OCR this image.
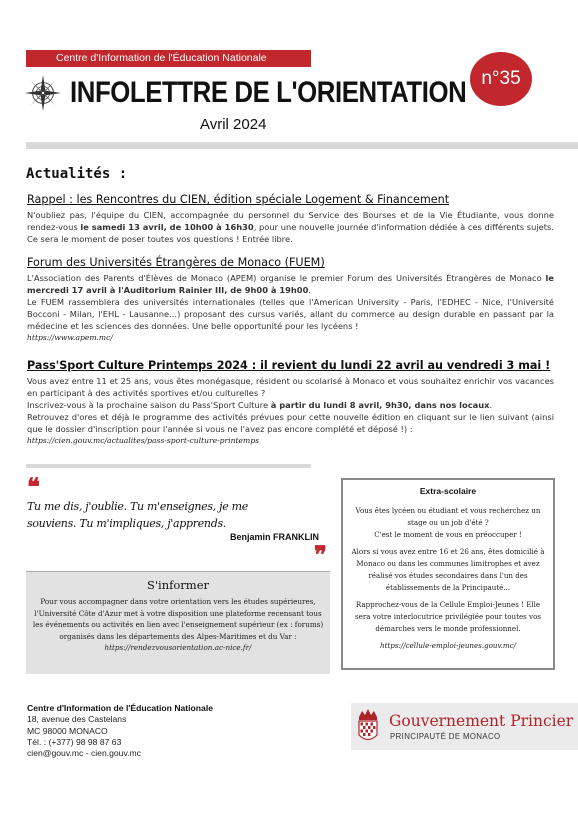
Centre d'Information de l'Éducation Nationale
INFOLETTRE DE L'ORIENTATION
Avril 2024
n°35
Actualités :
Rappel : les Rencontres du CIEN, édition spéciale Logement & Financement

N'oubliez pas, l'équipe du CIEN, accompagnée du personnel du Service des Bourses et de la Vie Étudiante, vous donne rendez-vous le samedi 13 avril, de 10h00 à 16h30, pour une nouvelle journée d'information dédiée à ces différents sujets. Ce sera le moment de poser toutes vos questions ! Entrée libre.

Forum des Universités Étrangères de Monaco (FUEM)

L'Association des Parents d'Élèves de Monaco (APEM) organise le premier Forum des Universités Étrangères de Monaco le mercredi 17 avril à l'Auditorium Rainier III, de 9h00 à 19h00.

Le FUEM rassemblera des universités internationales (telles que l'American University - Paris, l'EDHEC - Nice, l'Université Bocconi - Milan, l'EHL - Lausanne...) proposant des cursus variés, allant du commerce au design durable en passant par la médecine et les sciences des données. Une belle opportunité pour les lycéens !

https://www.apem.mc/
Pass'Sport Culture Printemps 2024 : il revient du lundi 22 avril au vendredi 3 mai !

Vous avez entre 11 et 25 ans, vous êtes monégasque, résident ou scolarisé à Monaco et vous souhaitez enrichir vos vacances en participant à des activités sportives et/ou culturelles ?

Inscrivez-vous à la prochaine saison du Pass'Sport Culture à partir du lundi 8 avril, 9h30, dans nos locaux.

Retrouvez d'ores et déjà le programme des activités prévues pour cette nouvelle édition en cliquant sur le lien suivant (ainsi que le dossier d'inscription pour l'année si vous ne l'avez pas encore complété et déposé !) :

https://cien.gouv.mc/actualites/pass-sport-culture-printemps
❝
Tu me dis, j'oublie. Tu m'enseignes, je me souviens. Tu m'impliques, j'apprends.
Benjamin FRANKLIN
❞
S'informer

Pour vous accompagner dans votre orientation vers les études supérieures, l'Université Côte d'Azur met à votre disposition une plateforme recensant tous les événements ou activités en lien avec l'enseignement supérieur (ex : forums) organisés dans les départements des Alpes-Maritimes et du Var :

https://rendezvousorientation.ac-nice.fr/

Extra-scolaire

Vous êtes lycéen ou étudiant et vous recherchez un stage ou un job d'été ?
C'est le moment de vous en préoccuper !

Alors si vous avez entre 16 et 26 ans, êtes domicilié à Monaco ou dans les communes limitrophes et avez réalisé vos études secondaires dans l'un des établissements de la Principauté...

Rapprochez-vous de la Cellule Emploi-Jeunes ! Elle sera votre interlocutrice privilégiée pour toutes vos démarches vers le monde professionnel.

https://cellule-emploi-jeunes.gouv.mc/

Centre d'Information de l'Éducation Nationale
18, avenue des Castelans
MC 98000 MONACO
Tél. : (+377) 98 98 87 63
cien@gouv.mc - cien.gouv.mc
Gouvernement Princier
PRINCIPAUTÉ DE MONACO
